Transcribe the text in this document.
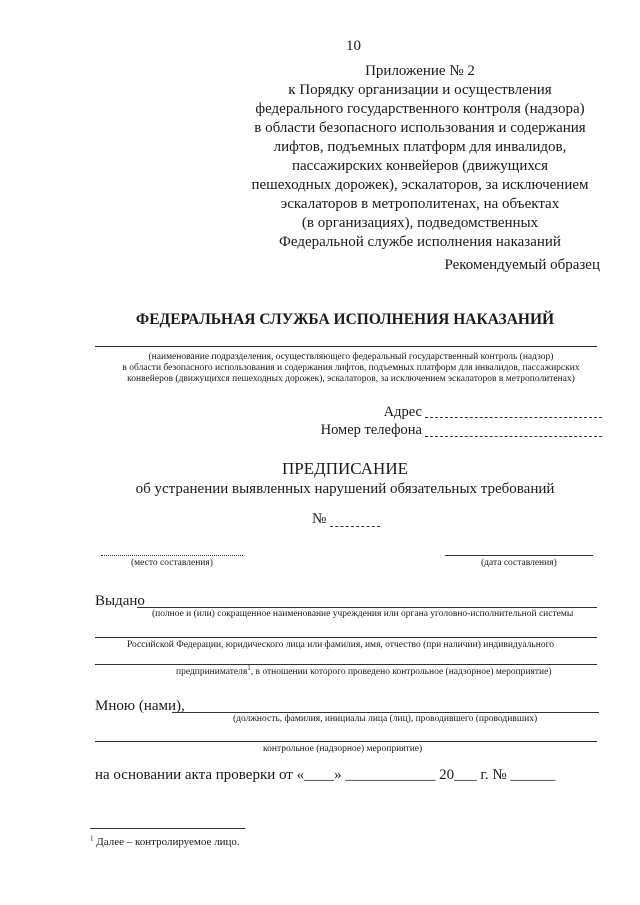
10
Приложение № 2
к Порядку организации и осуществления
федерального государственного контроля (надзора)
в области безопасного использования и содержания
лифтов, подъемных платформ для инвалидов,
пассажирских конвейеров (движущихся
пешеходных дорожек), эскалаторов, за исключением
эскалаторов в метрополитенах, на объектах
(в организациях), подведомственных
Федеральной службе исполнения наказаний
Рекомендуемый образец
ФЕДЕРАЛЬНАЯ СЛУЖБА ИСПОЛНЕНИЯ НАКАЗАНИЙ
(наименование подразделения, осуществляющего федеральный государственный контроль (надзор)
в области безопасного использования и содержания лифтов, подъемных платформ для инвалидов, пассажирских
конвейеров (движущихся пешеходных дорожек), эскалаторов, за исключением эскалаторов в метрополитенах)
Адрес
Номер телефона
ПРЕДПИСАНИЕ
об устранении выявленных нарушений обязательных требований
№
(место составления)	(дата составления)
Выдано
(полное и (или) сокращенное наименование учреждения или органа уголовно-исполнительной системы
Российской Федерации, юридического лица или фамилия, имя, отчество (при наличии) индивидуального
предпринимателя$^1$, в отношении которого проведено контрольное (надзорное) мероприятие)
Мною (нами),
(должность, фамилия, инициалы лица (лиц), проводившего (проводивших)
контрольное (надзорное) мероприятие)
на основании акта проверки от «____» ____________ 20___ г. № ______
$^1$ Далее – контролируемое лицо.
